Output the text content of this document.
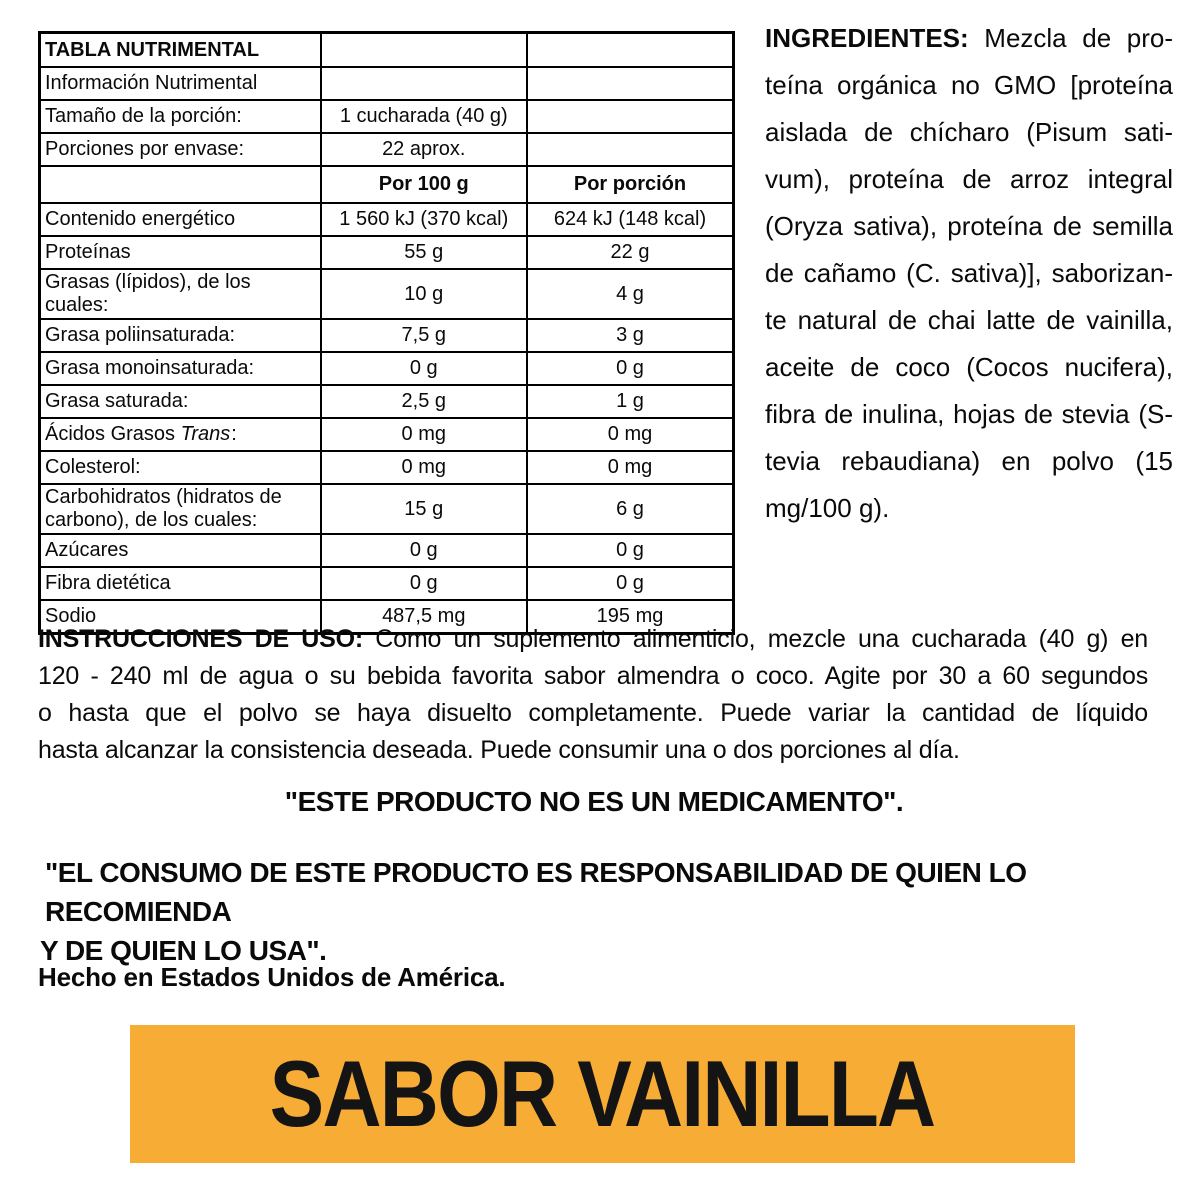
TABLA NUTRIMENTAL		
Información Nutrimental		
Tamaño de la porción:	1 cucharada (40 g)	
Porciones por envase:	22 aprox.	
	Por 100 g	Por porción
Contenido energético	1 560 kJ (370 kcal)	624 kJ (148 kcal)
Proteínas	55 g	22 g
Grasas (lípidos), de los cuales:	10 g	4 g
Grasa poliinsaturada:	7,5 g	3 g
Grasa monoinsaturada:	0 g	0 g
Grasa saturada:	2,5 g	1 g
Ácidos Grasos Trans:	0 mg	0 mg
Colesterol:	0 mg	0 mg
Carbohidratos (hidratos de carbono), de los cuales:	15 g	6 g
Azúcares	0 g	0 g
Fibra dietética	0 g	0 g
Sodio	487,5 mg	195 mg
INGREDIENTES: Mezcla de pro-
teína orgánica no GMO [proteína
aislada de chícharo (Pisum sati-
vum), proteína de arroz integral
(Oryza sativa), proteína de semilla
de cañamo (C. sativa)], saborizan-
te natural de chai latte de vainilla,
aceite de coco (Cocos nucifera),
fibra de inulina, hojas de stevia (S-
tevia rebaudiana) en polvo (15
mg/100 g).
INSTRUCCIONES DE USO: Como un suplemento alimenticio, mezcle una cucharada (40 g) en
120 - 240 ml de agua o su bebida favorita sabor almendra o coco. Agite por 30 a 60 segundos
o hasta que el polvo se haya disuelto completamente. Puede variar la cantidad de líquido
hasta alcanzar la consistencia deseada. Puede consumir una o dos porciones al día.
"ESTE PRODUCTO NO ES UN MEDICAMENTO".
"EL CONSUMO DE ESTE PRODUCTO ES RESPONSABILIDAD DE QUIEN LO RECOMIENDA
Y DE QUIEN LO USA".
Hecho en Estados Unidos de América.
SABOR VAINILLA
